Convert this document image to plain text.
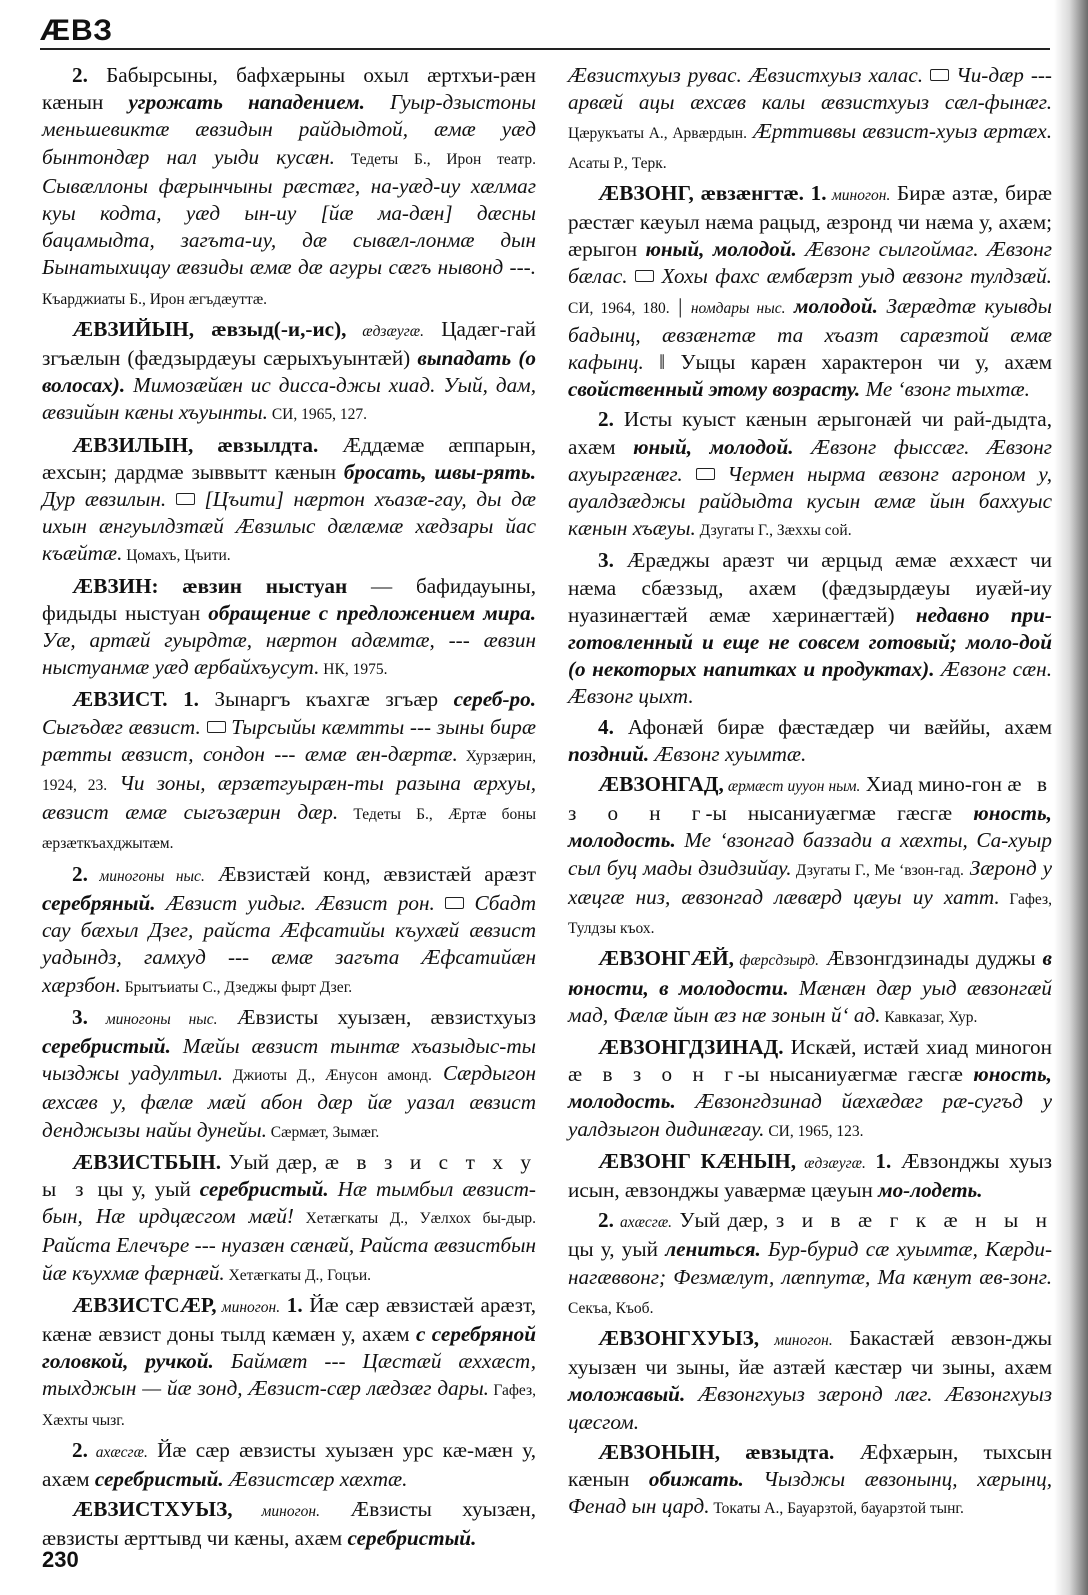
ÆВЗ

2. Бабырсыны, бафхæрыны охыл æртхъи-рæн кæнын угрожать нападением. Гуыр-дзыстоны меньшевиктæ æвзидын райдыдтой, æмæ уæд бынтондæр нал уыди кусæн. Тедеты Б., Ирон театр. Сывæллоны фæрынчыны рæстæг, на-уæд-иу хæлмаг куы кодта, уæд ын-иу [йæ ма-дæн] дæсны бацамыдта, загъта-иу, дæ сывæл-лонмæ дын Бынатыхицау æвзиды æмæ дæ агуры сæгъ нывонд ---. Къарджиаты Б., Ирон æгъдæуттæ.

ÆВЗИЙЫН, æвзыд(-и,-ис), æдзæугæ. Цадæг-гай згъæлын (фæдзырдæуы сæрыхъуынтæй) выпадать (о волосах). Мимозæйæн ис дисса-джы хиад. Уый, дам, æвзийын кæны хъуынты. СИ, 1965, 127.

ÆВЗИЛЫН, æвзылдта. Æддæмæ æппарын, æхсын; дардмæ зыввытт кæнын бросать, швы-рять. Дур æвзилын.  [Цъити] нæртон хъазæ-гау, ды дæ ихын æнгуылдзтæй Æвзилыс дæлæмæ хæдзары йас къæйтæ. Цомахъ, Цъити.

ÆВЗИН: æвзин ныстуан — бафидауыны, фидыды ныстуан обращение с предложением мира. Уæ, артæй гуырдтæ, нæртон адæмтæ, --- æвзин ныстуанмæ уæд æрбайхъусут. НК, 1975.

ÆВЗИСТ. 1. Зынаргъ къахгæ згъæр сереб-ро. Сыгъдæг æвзист.  Тырсыйы кæмтты --- зыны бирæ рæтты æвзист, сондон --- æмæ æн-дæртæ. Хурзæрин, 1924, 23. Чи зоны, æрзæтгуырæн-ты разына æрхуы, æвзист æмæ сыгъзæрин дæр. Тедеты Б., Æртæ боны æрзæткъахджытæм.

2. миногоны ныс. Æвзистæй конд, æвзистæй арæзт серебряный. Æвзист уидыг. Æвзист рон.  Сбадт сау бæхыл Дзег, райста Æфсатийы къухæй æвзист уадындз, гамхуд --- æмæ загъта Æфсатийæн хæрзбон. Брытъиаты С., Дзеджы фырт Дзег.

3. миногоны ныс. Æвзисты хуызæн, æвзистхуыз серебристый. Мæйы æвзист тынтæ хъазыдыс-ты чызджы уадултыл. Джиоты Д., Æнусон амонд. Сæрдыгон æхсæв у, фæлæ мæй абон дæр йæ уазал æвзист денджызы найы дунейы. Сæрмæт, Зымæг.

ÆВЗИСТБЫН. Уый дæр, æ в з и с т х у ы з цы у, уый серебристый. Нæ тымбыл æвзист-бын, Нæ ирдцæсгом мæй! Хетæгкаты Д., Уæлхох бы-дыр. Райста Елечъре --- нуазæн сæнæй, Райста æвзистбын йæ къухмæ фæрнæй. Хетæгкаты Д., Гоцъи.

ÆВЗИСТСÆР, миногон. 1. Йæ сæр æвзистæй арæзт, кæнæ æвзист доны тылд кæмæн у, ахæм с серебряной головкой, ручкой. Баймæт --- Цæстæй æххæст, тыхджын — йæ зонд, Æвзист-сæр лæдзæг дары. Гафез, Хæхты чызг.

2. ахæсгæ. Йæ сæр æвзисты хуызæн урс кæ-мæн у, ахæм серебристый. Æвзистсæр хæхтæ.

ÆВЗИСТХУЫЗ, миногон. Æвзисты хуызæн, æвзисты æрттывд чи кæны, ахæм серебристый.

Æвзистхуыз рувас. Æвзистхуыз халас.  Чи-дæр --- арвæй ацы æхсæв калы æвзистхуыз сæл-фынæг. Цæрукъаты А., Арвæрдын. Æрттиввы æвзист-хуыз æртæх. Асаты Р., Терк.

ÆВЗОНГ, æвзæнгтæ. 1. миногон. Бирæ азтæ, бирæ рæстæг кæуыл нæма рацыд, æзронд чи нæма у, ахæм; æрыгон юный, молодой. Æвзонг сылгоймаг. Æвзонг бæлас.  Хохы фахс æмбæрзт уыд æвзонг тулдзæй. СИ, 1964, 180. | номдары ныс. молодой. Зæрæдтæ куывды бадынц, æвзæнгтæ та хъазт сарæзтой æмæ кафынц. ‖ Уыцы карæн характерон чи у, ахæм свойственный этому возрасту. Ме ‘взонг тыхтæ.

2. Исты куыст кæнын æрыгонæй чи рай-дыдта, ахæм юный, молодой. Æвзонг фыссæг. Æвзонг ахуыргæнæг.  Чермен нырма æвзонг агроном у, ауалдзæджы райдыдта кусын æмæ йын баххуыс кæнын хъæуы. Дзугаты Г., Зæххы сой.

3. Æрæджы арæзт чи æрцыд æмæ æххæст чи нæма сбæззыд, ахæм (фæдзырдæуы иуæй-иу нуазинæгтæй æмæ хæринæгтæй) недавно при-готовленный и еще не совсем готовый; моло-дой (о некоторых напитках и продуктах). Æвзонг сæн. Æвзонг цыхт.

4. Афонæй бирæ фæстæдæр чи вæййы, ахæм поздний. Æвзонг хуымтæ.

ÆВЗОНГАД, æрмæст иууон ным. Хиад мино-гон æ в з о н г-ы нысаниуæгмæ гæсгæ юность, молодость. Ме ‘взонгад баззади а хæхты, Са-хуыр сыл буц мады дзидзийау. Дзугаты Г., Ме ‘взон-гад. Зæронд у хæцгæ низ, æвзонгад лæвæрд цæуы иу хатт. Гафез, Тулдзы къох.

ÆВЗОНГÆЙ, фæрсдзырд. Æвзонгдзинады дуджы в юности, в молодости. Мæнæн дæр уыд æвзонгæй мад, Фæлæ йын æз нæ зонын й‘ ад. Кавказаг, Хур.

ÆВЗОНГДЗИНАД. Искæй, истæй хиад миногон æ в з о н г-ы нысаниуæгмæ гæсгæ юность, молодость. Æвзонгдзинад йæхæдæг рæ-сугъд у уалдзыгон дидинæгау. СИ, 1965, 123.

ÆВЗОНГ КÆНЫН, æдзæугæ. 1. Æвзонджы хуыз исын, æвзонджы уавæрмæ цæуын мо-лодеть.

2. ахæсгæ. Уый дæр, з и в æ г к æ н ы н цы у, уый лениться. Бур-бурид сæ хуымтæ, Кæрди-нагæввонг; Фезмæлут, лæппутæ, Ма кæнут æв-зонг. Секъа, Къоб.

ÆВЗОНГХУЫЗ, миногон. Бакастæй æвзон-джы хуызæн чи зыны, йæ азтæй кæстæр чи зыны, ахæм моложавый. Æвзонгхуыз зæронд лæг. Æвзонгхуыз цæсгом.

ÆВЗОНЫН, æвзыдта. Æфхæрын, тыхсын кæнын обижать. Чызджы æвзонынц, хæрынц, Фенад ын цард. Токаты А., Бауарзтой, бауарзтой тынг.

230
